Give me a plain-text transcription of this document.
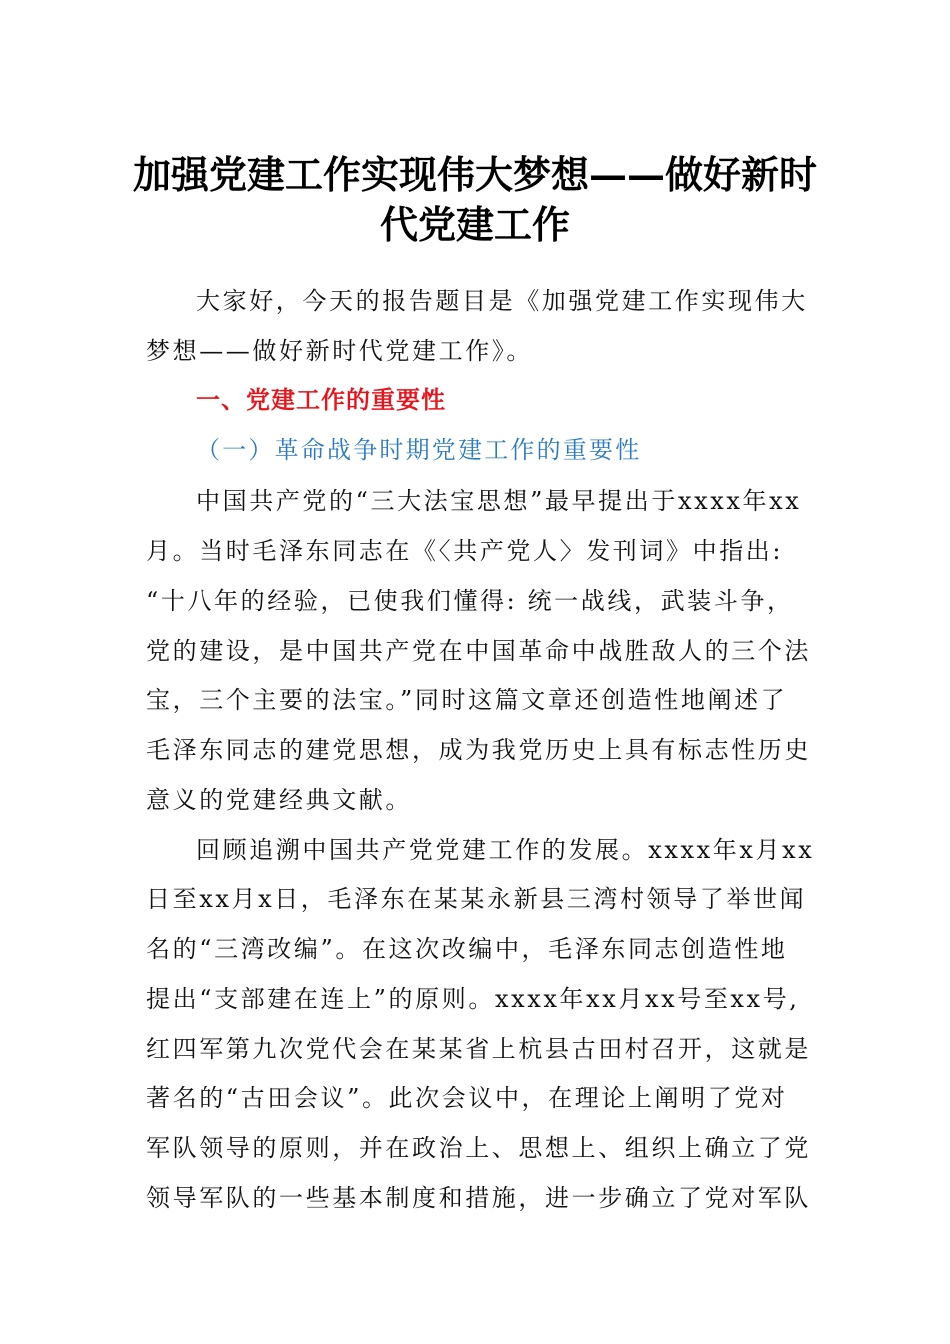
加强党建工作实现伟大梦想——做好新时
代党建工作

大家好，今天的报告题目是《加强党建工作实现伟大

梦想——做好新时代党建工作》。

一、党建工作的重要性

（一）革命战争时期党建工作的重要性

中国共产党的“三大法宝思想”最早提出于xxxx年xx

月。当时毛泽东同志在《〈共产党人〉发刊词》中指出:

“十八年的经验，已使我们懂得: 统一战线，武装斗争，

党的建设，是中国共产党在中国革命中战胜敌人的三个法

宝，三个主要的法宝。”同时这篇文章还创造性地阐述了

毛泽东同志的建党思想，成为我党历史上具有标志性历史

意义的党建经典文献。

回顾追溯中国共产党党建工作的发展。xxxx年x月xx

日至xx月x日，毛泽东在某某永新县三湾村领导了举世闻

名的“三湾改编”。在这次改编中，毛泽东同志创造性地

提出“支部建在连上”的原则。xxxx年xx月xx号至xx号,

红四军第九次党代会在某某省上杭县古田村召开，这就是

著名的“古田会议”。此次会议中，在理论上阐明了党对

军队领导的原则，并在政治上、思想上、组织上确立了党

领导军队的一些基本制度和措施，进一步确立了党对军队
